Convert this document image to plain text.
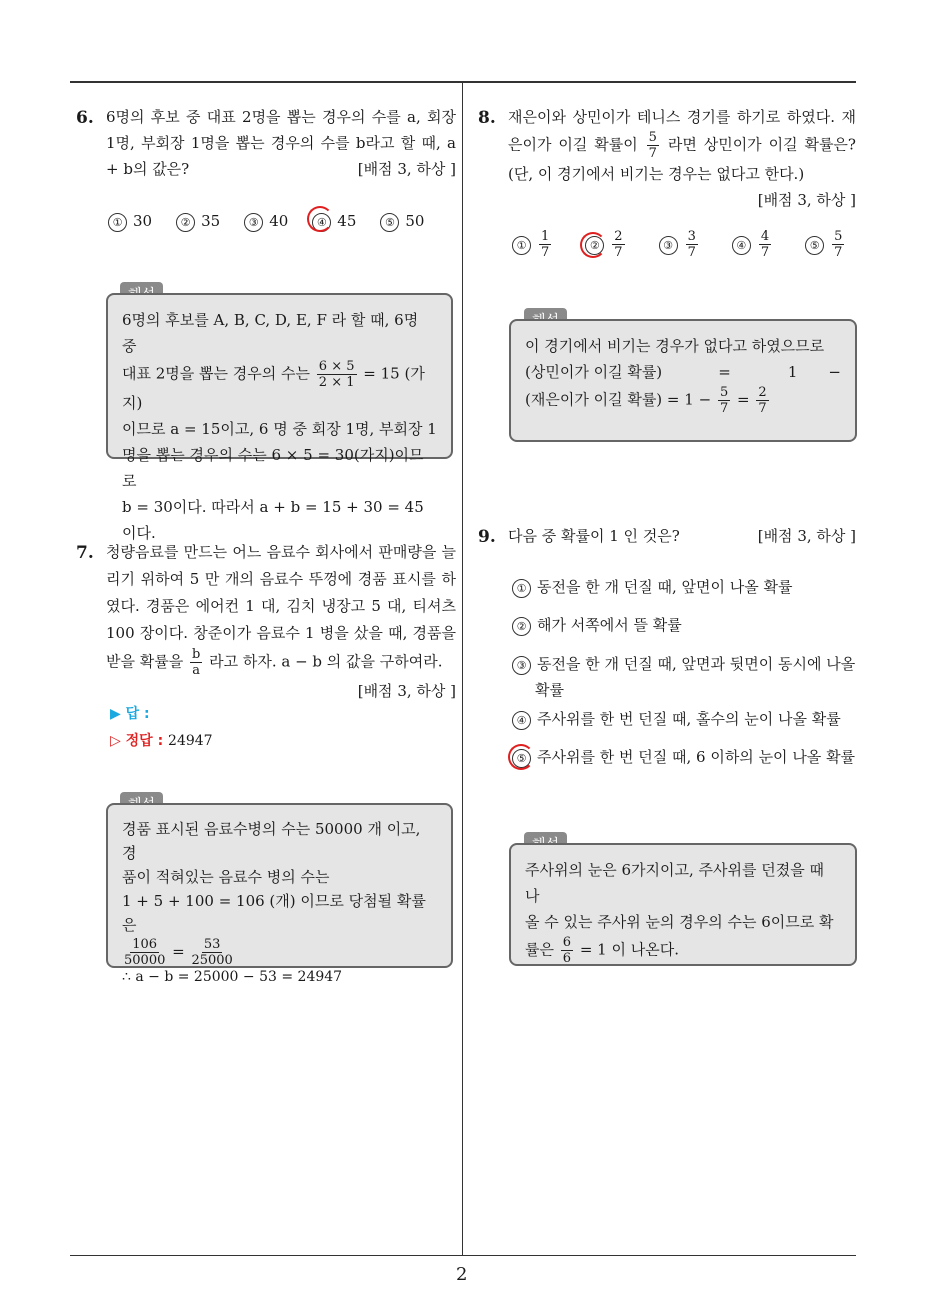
2
6. 6명의 후보 중 대표 2명을 뽑는 경우의 수를 a, 회장 1명, 부회장 1명을 뽑는 경우의 수를 b라고 할 때, a + b의 값은?	[배점 3, 하상 ]
① 30	② 35	③ 40	④ 45	⑤ 50
6명의 후보를 A, B, C, D, E, F 라 할 때, 6명 중
대표 2명을 뽑는 경우의 수는 $\frac{6 \times 5}{2 \times 1} = 15$ (가지)
이므로 a = 15이고, 6 명 중 회장 1명, 부회장 1
명을 뽑는 경우의 수는 6 × 5 = 30(가지)이므로
b = 30이다. 따라서 a + b = 15 + 30 = 45이다.
7. 청량음료를 만드는 어느 음료수 회사에서 판매량을 늘리기 위하여 5 만 개의 음료수 뚜껑에 경품 표시를 하였다. 경품은 에어컨 1 대, 김치 냉장고 5 대, 티셔츠 100 장이다. 창준이가 음료수 1 병을 샀을 때, 경품을 받을 확률을 $\frac{b}{a}$ 라고 하자. a − b 의 값을 구하여라.
[배점 3, 하상 ]
▶ 답 :
▷ 정답 : 24947
경품 표시된 음료수병의 수는 50000 개 이고, 경
품이 적혀있는 음료수 병의 수는
1 + 5 + 100 = 106 (개) 이므로 당첨될 확률은
$\frac{106}{50000} = \frac{53}{25000}$
∴ a − b = 25000 − 53 = 24947
8. 재은이와 상민이가 테니스 경기를 하기로 하였다. 재은이가 이길 확률이 $\frac{5}{7}$ 라면 상민이가 이길 확률은? (단, 이 경기에서 비기는 경우는 없다고 한다.)
[배점 3, 하상 ]
① $\frac{1}{7}$	② $\frac{2}{7}$	③ $\frac{3}{7}$	④ $\frac{4}{7}$	⑤ $\frac{5}{7}$
이 경기에서 비기는 경우가 없다고 하였으므로
(상민이가 이길 확률)	=	1	−
(재은이가 이길 확률) = $1 - \frac{5}{7} = \frac{2}{7}$
9. 다음 중 확률이 1 인 것은?	[배점 3, 하상 ]
① 동전을 한 개 던질 때, 앞면이 나올 확률
② 해가 서쪽에서 뜰 확률
③ 동전을 한 개 던질 때, 앞면과 뒷면이 동시에 나올 확률
④ 주사위를 한 번 던질 때, 홀수의 눈이 나올 확률
⑤ 주사위를 한 번 던질 때, 6 이하의 눈이 나올 확률
주사위의 눈은 6가지이고, 주사위를 던졌을 때 나
올 수 있는 주사위 눈의 경우의 수는 6이므로 확
률은 $\frac{6}{6} = 1$ 이 나온다.
